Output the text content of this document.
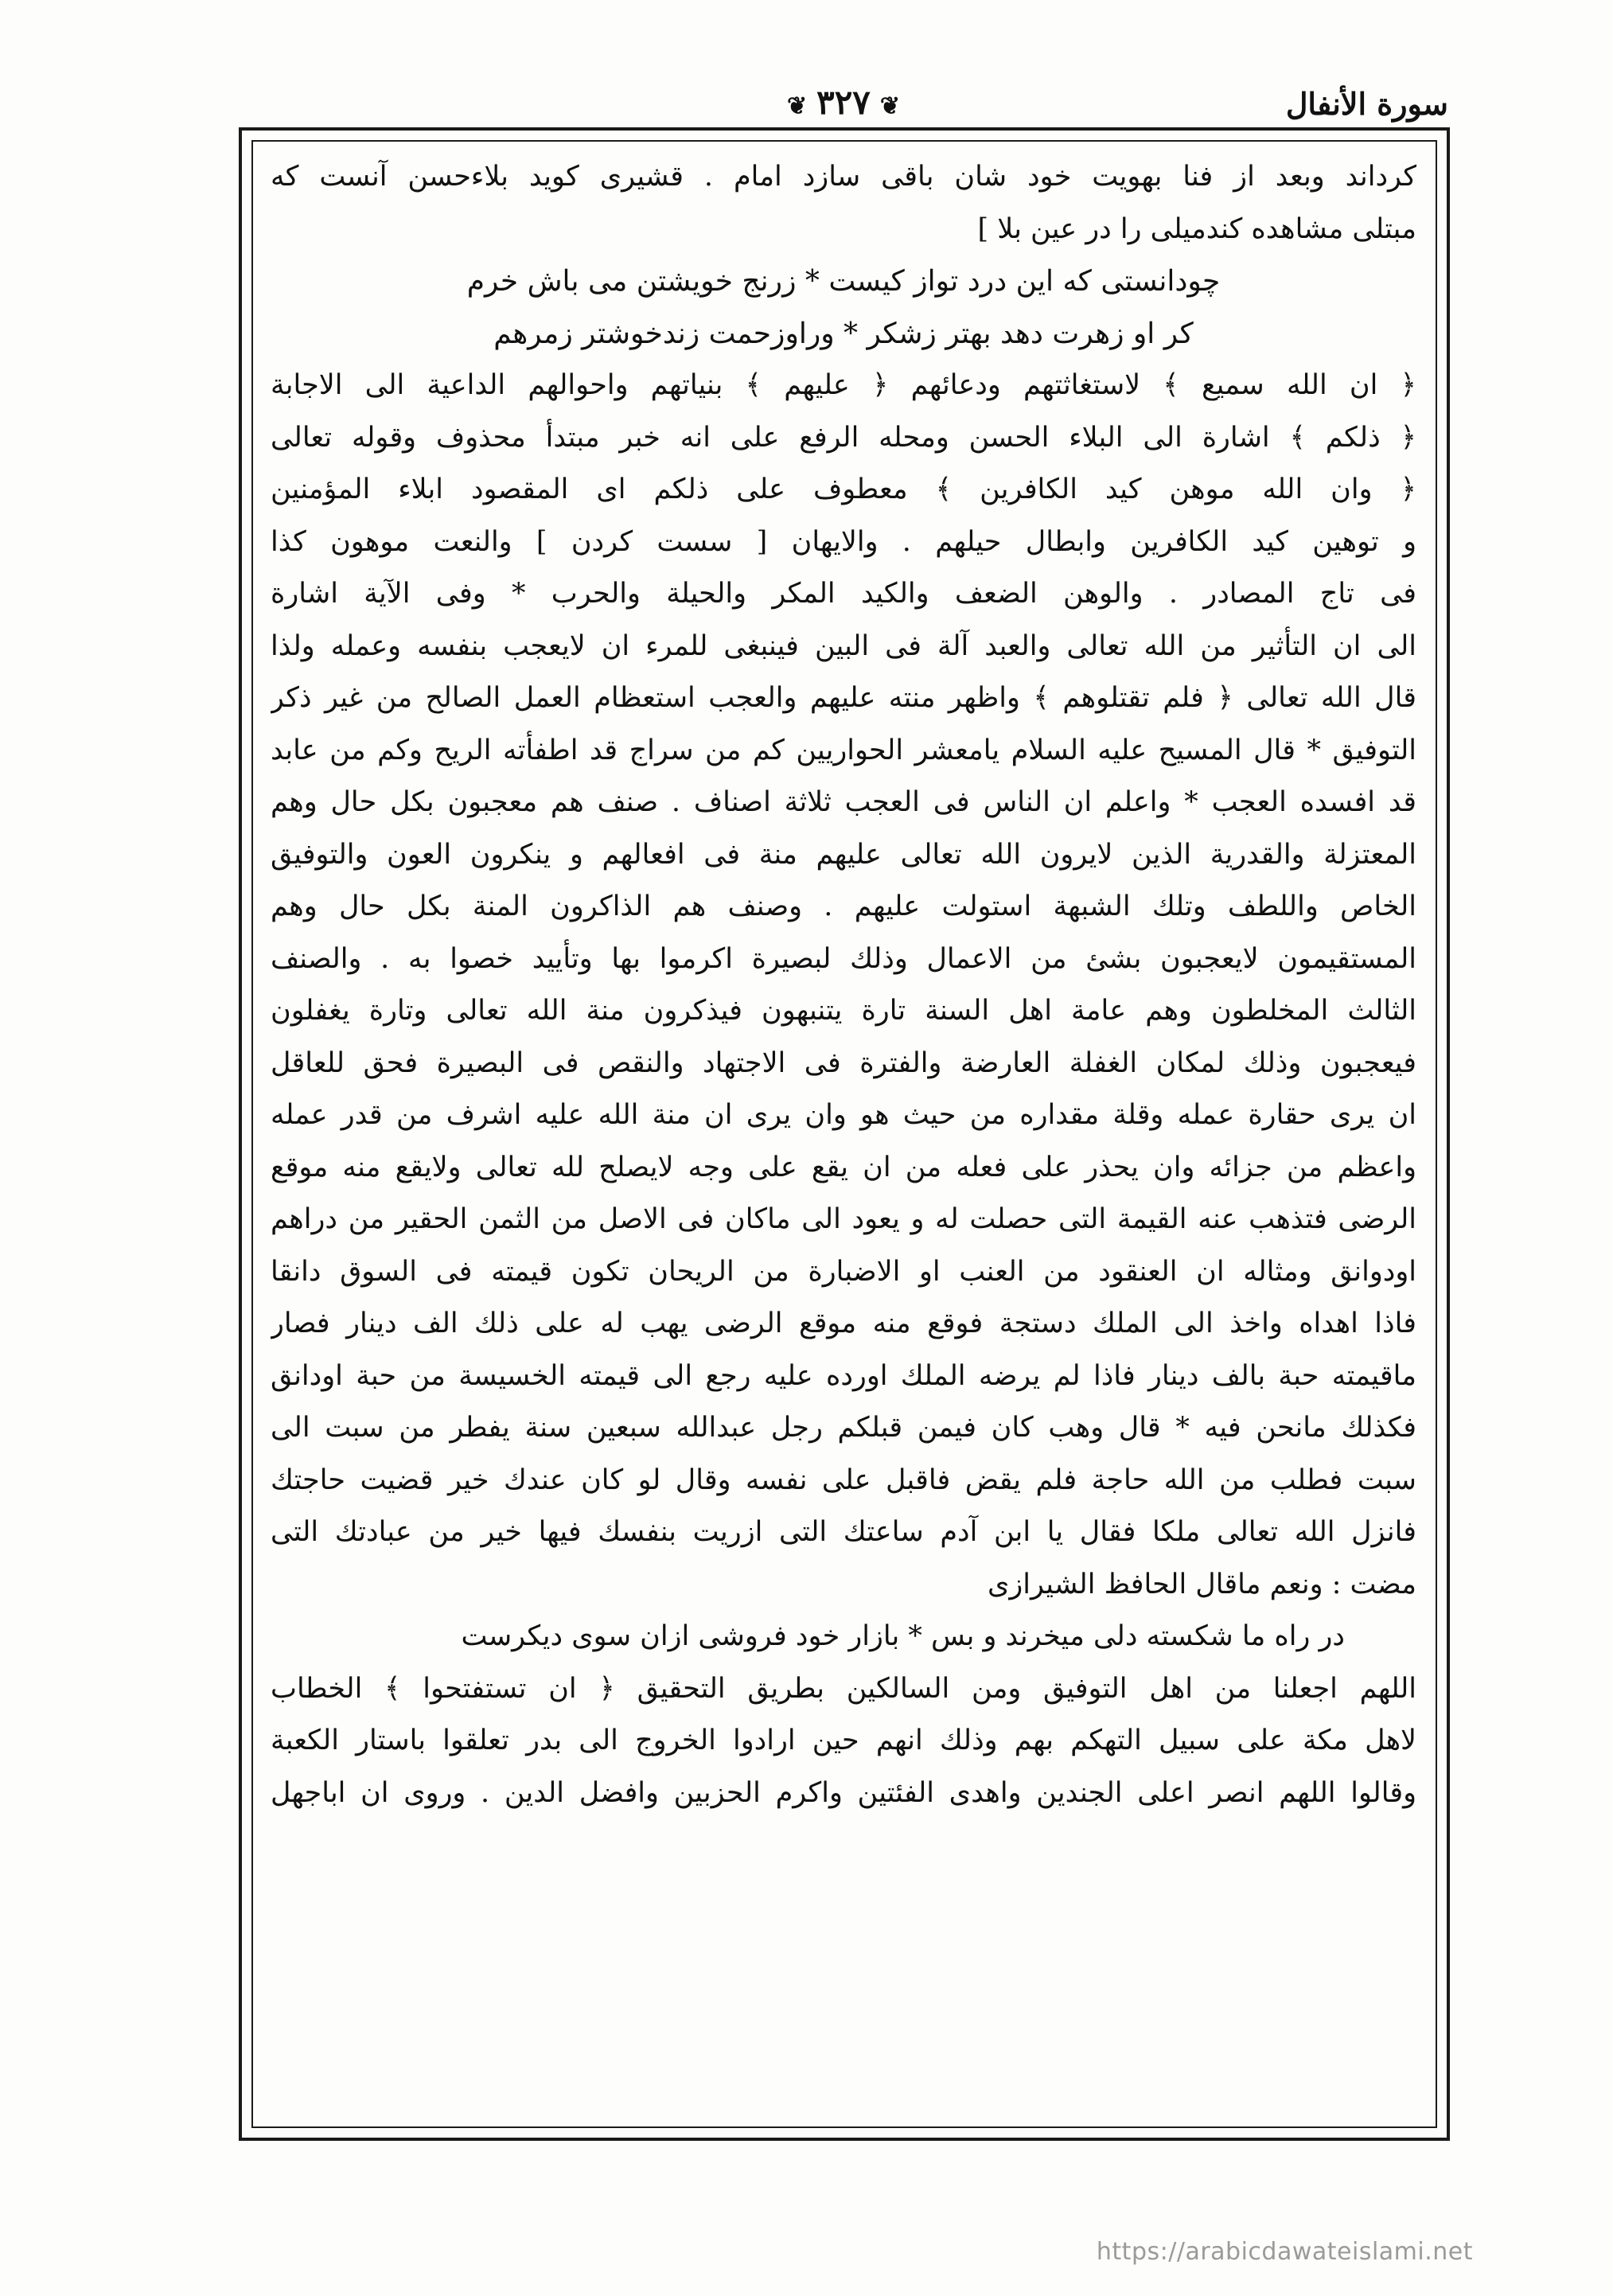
سورة الأنفال
❦٣٢٧❦
كرداند وبعد از فنا بهويت خود شان باقى سازد امام . قشيرى كويد بلاءحسن آنست كه
مبتلى مشاهده كندميلى را در عين بلا ]
چودانستى كه اين درد تواز كيست * زرنج خويشتن مى باش خرم
كر او زهرت دهد بهتر زشكر * وراوزحمت زندخوشتر زمرهم
﴿ ان الله سميع ﴾ لاستغاثتهم ودعائهم ﴿ عليهم ﴾ بنياتهم واحوالهم الداعية الى الاجابة
﴿ ذلكم ﴾ اشارة الى البلاء الحسن ومحله الرفع على انه خبر مبتدأ محذوف وقوله تعالى
﴿ وان الله موهن كيد الكافرين ﴾ معطوف على ذلكم اى المقصود ابلاء المؤمنين
و توهين كيد الكافرين وابطال حيلهم . والايهان [ سست كردن ] والنعت موهون كذا
فى تاج المصادر . والوهن الضعف والكيد المكر والحيلة والحرب * وفى الآية اشارة
الى ان التأثير من الله تعالى والعبد آلة فى البين فينبغى للمرء ان لايعجب بنفسه وعمله ولذا
قال الله تعالى ﴿ فلم تقتلوهم ﴾ واظهر منته عليهم والعجب استعظام العمل الصالح من غير ذكر
التوفيق * قال المسيح عليه السلام يامعشر الحواريين كم من سراج قد اطفأته الريح وكم من عابد
قد افسده العجب * واعلم ان الناس فى العجب ثلاثة اصناف . صنف هم معجبون بكل حال وهم
المعتزلة والقدرية الذين لايرون الله تعالى عليهم منة فى افعالهم و ينكرون العون والتوفيق
الخاص واللطف وتلك الشبهة استولت عليهم . وصنف هم الذاكرون المنة بكل حال وهم
المستقيمون لايعجبون بشئ من الاعمال وذلك لبصيرة اكرموا بها وتأييد خصوا به . والصنف
الثالث المخلطون وهم عامة اهل السنة تارة يتنبهون فيذكرون منة الله تعالى وتارة يغفلون
فيعجبون وذلك لمكان الغفلة العارضة والفترة فى الاجتهاد والنقص فى البصيرة فحق للعاقل
ان يرى حقارة عمله وقلة مقداره من حيث هو وان يرى ان منة الله عليه اشرف من قدر عمله
واعظم من جزائه وان يحذر على فعله من ان يقع على وجه لايصلح لله تعالى ولايقع منه موقع
الرضى فتذهب عنه القيمة التى حصلت له و يعود الى ماكان فى الاصل من الثمن الحقير من دراهم
اودوانق ومثاله ان العنقود من العنب او الاضبارة من الريحان تكون قيمته فى السوق دانقا
فاذا اهداه واخذ الى الملك دستجة فوقع منه موقع الرضى يهب له على ذلك الف دينار فصار
ماقيمته حبة بالف دينار فاذا لم يرضه الملك اورده عليه رجع الى قيمته الخسيسة من حبة اودانق
فكذلك مانحن فيه * قال وهب كان فيمن قبلكم رجل عبدالله سبعين سنة يفطر من سبت الى
سبت فطلب من الله حاجة فلم يقض فاقبل على نفسه وقال لو كان عندك خير قضيت حاجتك
فانزل الله تعالى ملكا فقال يا ابن آدم ساعتك التى ازريت بنفسك فيها خير من عبادتك التى
مضت : ونعم ماقال الحافظ الشيرازى
در راه ما شكسته دلى ميخرند و بس * بازار خود فروشى ازان سوى ديكرست
اللهم اجعلنا من اهل التوفيق ومن السالكين بطريق التحقيق ﴿ ان تستفتحوا ﴾ الخطاب
لاهل مكة على سبيل التهكم بهم وذلك انهم حين ارادوا الخروج الى بدر تعلقوا باستار الكعبة
وقالوا اللهم انصر اعلى الجندين واهدى الفئتين واكرم الحزبين وافضل الدين . وروى ان اباجهل
https://arabicdawateislami.net
